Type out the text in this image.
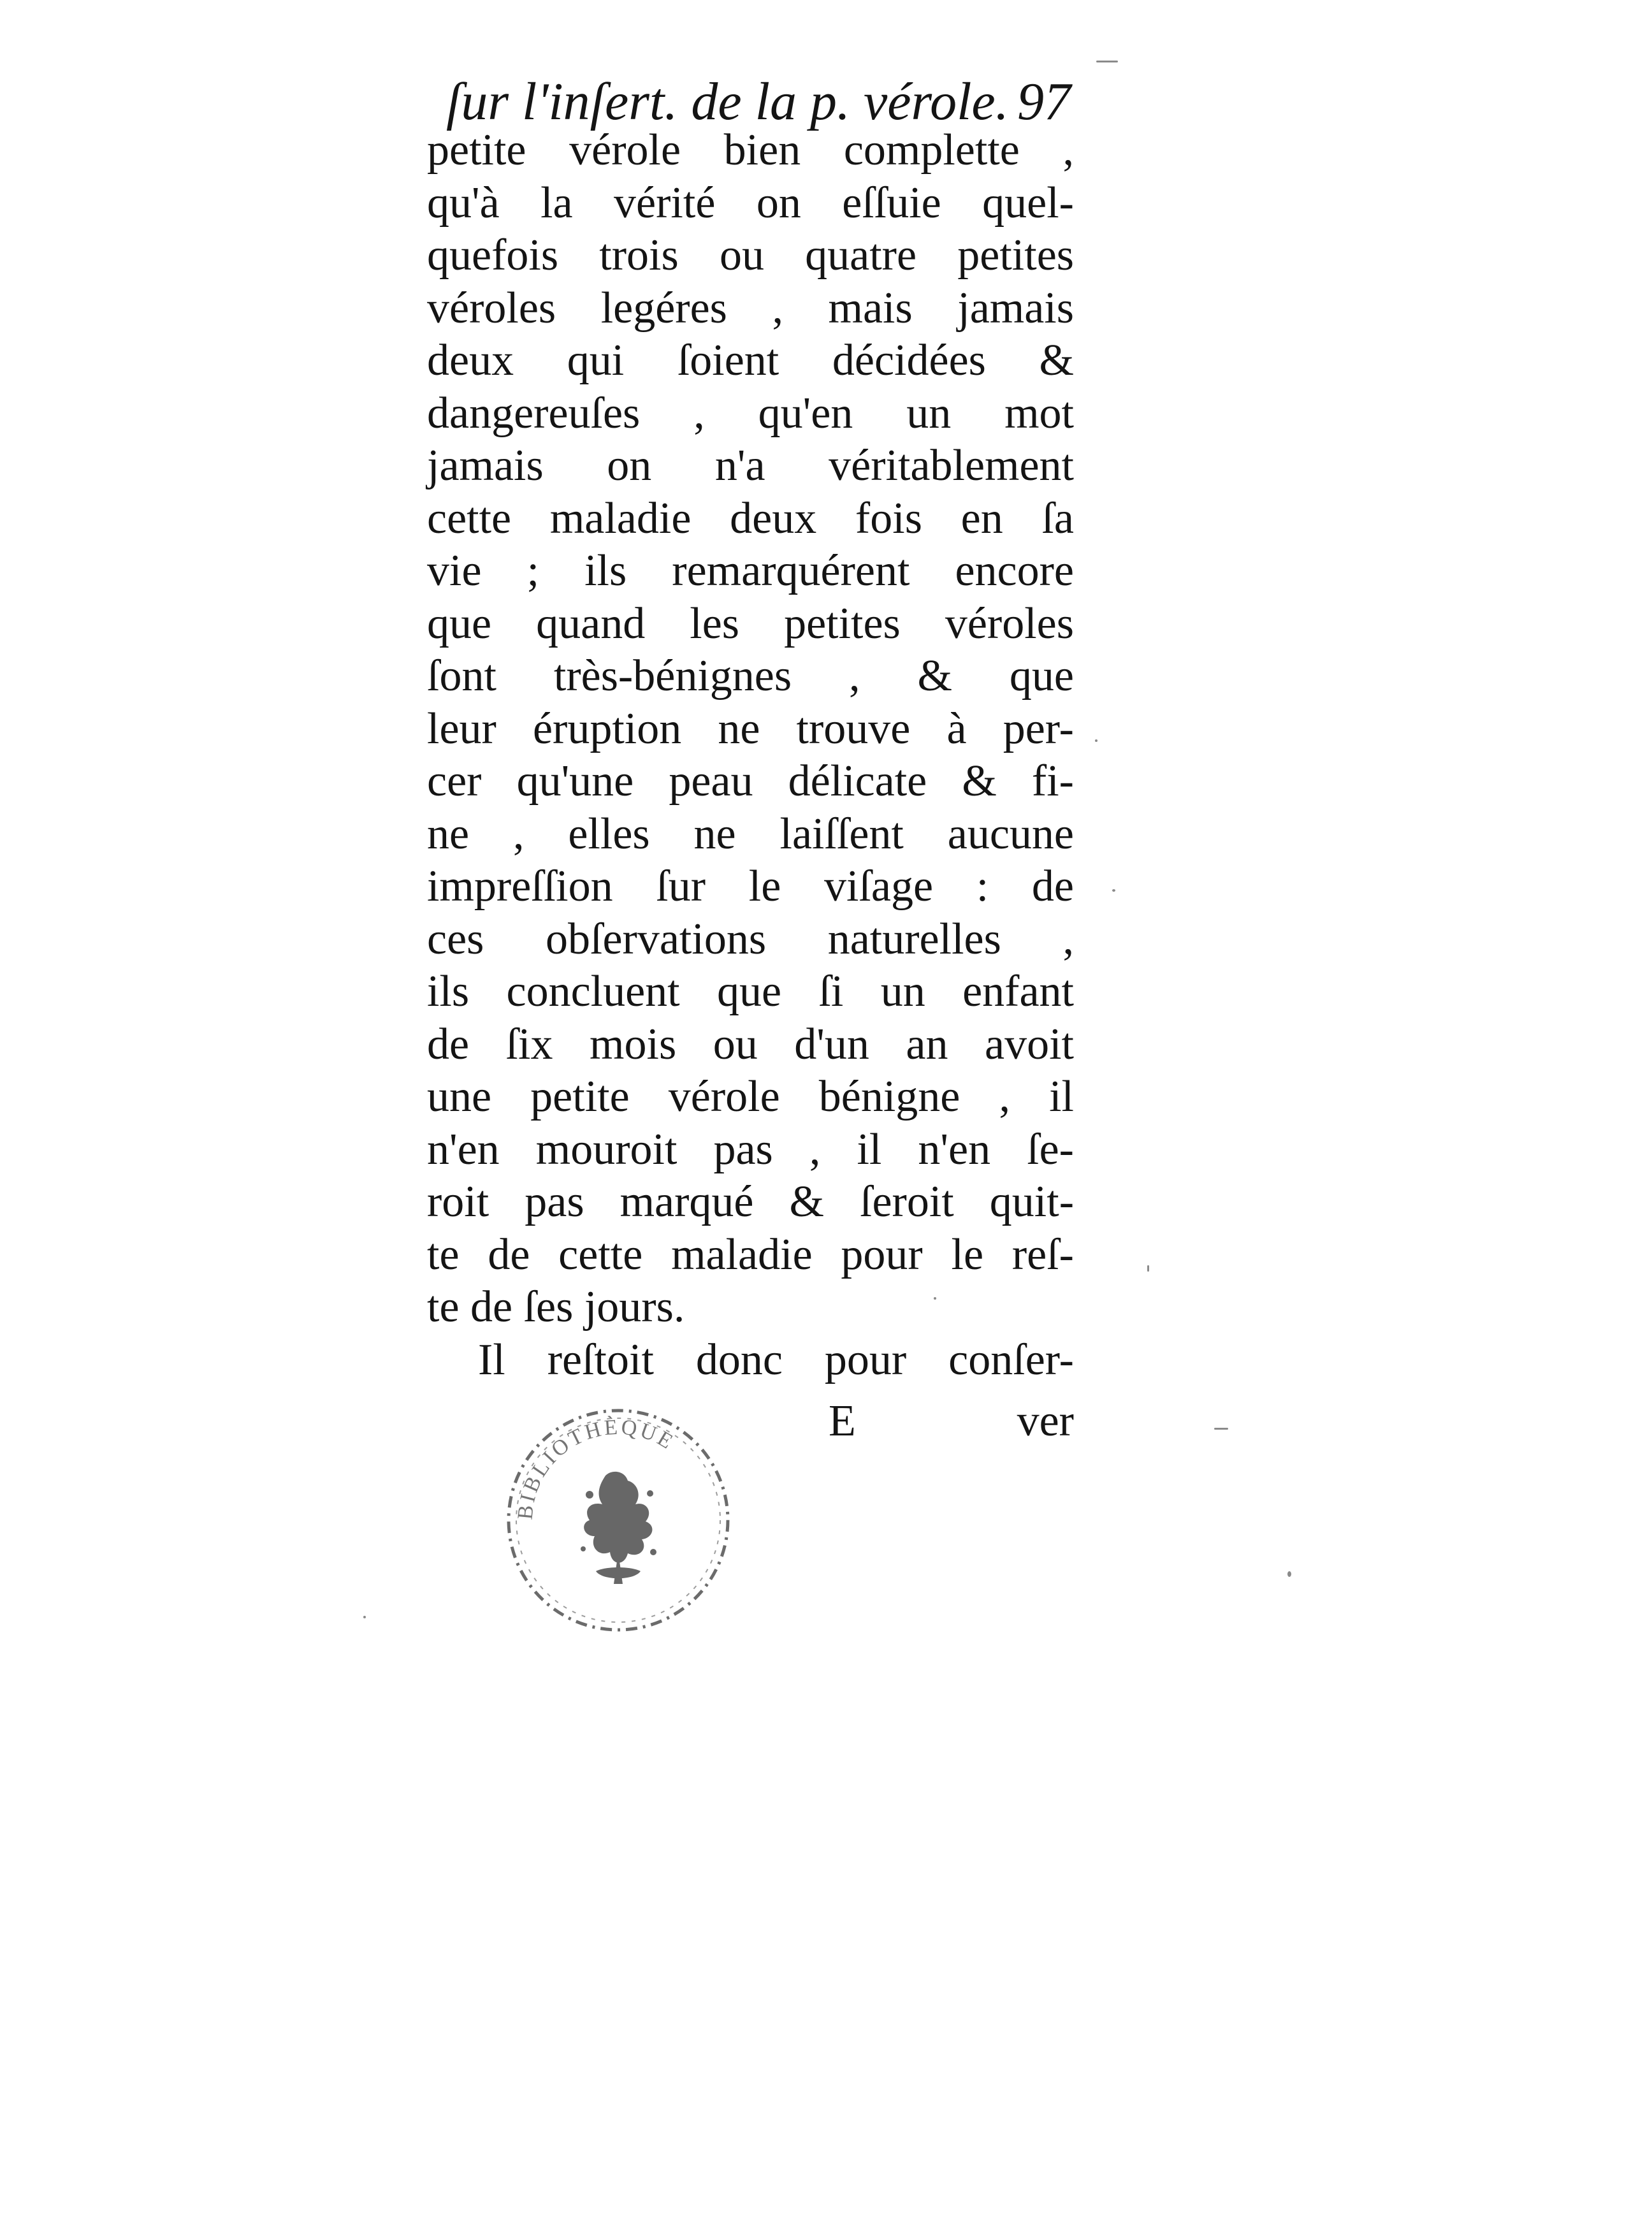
ſur l'inſert. de la p. vérole. 97
petite vérole bien complette ,
qu'à la vérité on eſſuie quel-
quefois trois ou quatre petites
véroles legéres , mais jamais
deux qui ſoient décidées &
dangereuſes , qu'en un mot
jamais on n'a véritablement
cette maladie deux fois en ſa
vie ; ils remarquérent encore
que quand les petites véroles
ſont très-bénignes , & que
leur éruption ne trouve à per-
cer qu'une peau délicate & fi-
ne , elles ne laiſſent aucune
impreſſion ſur le viſage : de
ces obſervations naturelles ,
ils concluent que ſi un enfant
de ſix mois ou d'un an avoit
une petite vérole bénigne , il
n'en mouroit pas , il n'en ſe-
roit pas marqué & ſeroit quit-
te de cette maladie pour le reſ-
te de ſes jours.
Il reſtoit donc pour conſer-
E	ver
BIBLIOTHÈQUE
